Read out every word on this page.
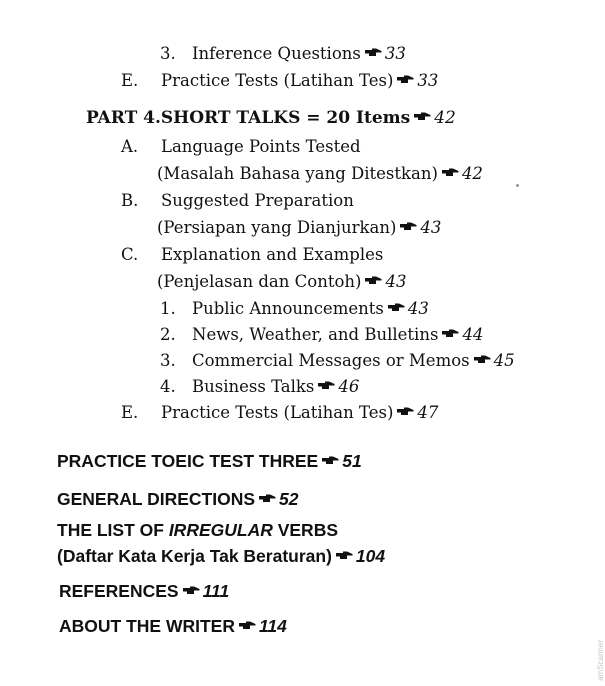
3. Inference Questions 33
E. Practice Tests (Latihan Tes) 33
PART 4.SHORT TALKS = 20 Items 42
A. Language Points Tested
(Masalah Bahasa yang Ditestkan) 42
B. Suggested Preparation
(Persiapan yang Dianjurkan) 43
C. Explanation and Examples
(Penjelasan dan Contoh) 43
1. Public Announcements 43
2. News, Weather, and Bulletins 44
3. Commercial Messages or Memos 45
4. Business Talks 46
E. Practice Tests (Latihan Tes) 47
PRACTICE TOEIC TEST THREE 51
GENERAL DIRECTIONS 52
THE LIST OF IRREGULAR VERBS
(Daftar Kata Kerja Tak Beraturan) 104
REFERENCES 111
ABOUT THE WRITER 114
amScanner
